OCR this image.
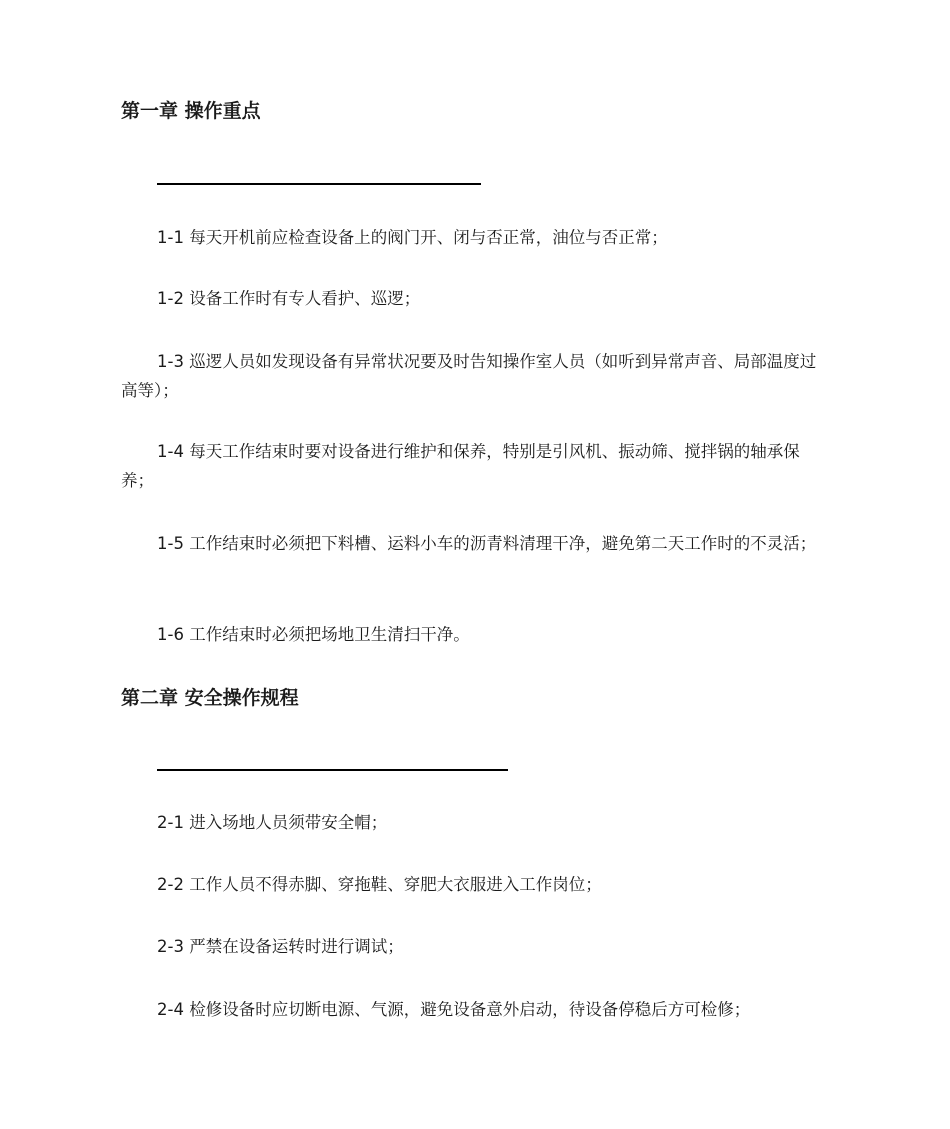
第一章 操作重点

1-1 每天开机前应检查设备上的阀门开、闭与否正常，油位与否正常；

1-2 设备工作时有专人看护、巡逻；

1-3 巡逻人员如发现设备有异常状况要及时告知操作室人员（如听到异常声音、局部温度过高等）；

1-4 每天工作结束时要对设备进行维护和保养，特别是引风机、振动筛、搅拌锅的轴承保养；

1-5 工作结束时必须把下料槽、运料小车的沥青料清理干净，避免第二天工作时的不灵活；

1-6 工作结束时必须把场地卫生清扫干净。

第二章 安全操作规程

2-1 进入场地人员须带安全帽；

2-2 工作人员不得赤脚、穿拖鞋、穿肥大衣服进入工作岗位；

2-3 严禁在设备运转时进行调试；

2-4 检修设备时应切断电源、气源，避免设备意外启动，待设备停稳后方可检修；
